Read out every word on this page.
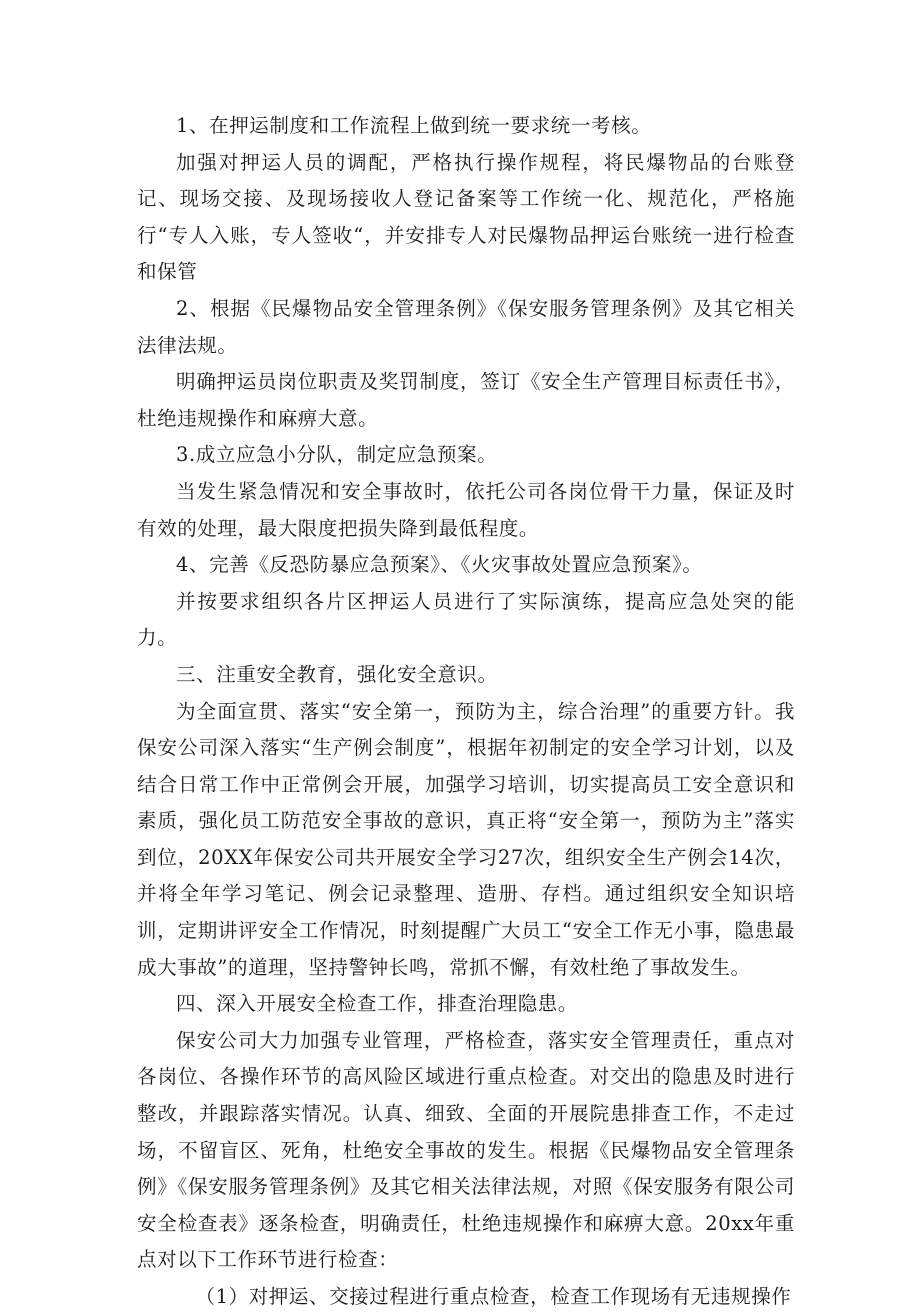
1、在押运制度和工作流程上做到统一要求统一考核。

加强对押运人员的调配，严格执行操作规程，将民爆物品的台账登记、现场交接、及现场接收人登记备案等工作统一化、规范化，严格施行“专人入账，专人签收“，并安排专人对民爆物品押运台账统一进行检查和保管

2、根据《民爆物品安全管理条例》《保安服务管理条例》及其它相关法律法规。

明确押运员岗位职责及奖罚制度，签订《安全生产管理目标责任书》，杜绝违规操作和麻痹大意。

3.成立应急小分队，制定应急预案。

当发生紧急情况和安全事故时，依托公司各岗位骨干力量，保证及时有效的处理，最大限度把损失降到最低程度。

4、完善《反恐防暴应急预案》、《火灾事故处置应急预案》。

并按要求组织各片区押运人员进行了实际演练，提高应急处突的能力。

三、注重安全教育，强化安全意识。

为全面宣贯、落实“安全第一，预防为主，综合治理”的重要方针。我保安公司深入落实“生产例会制度”，根据年初制定的安全学习计划，以及结合日常工作中正常例会开展，加强学习培训，切实提高员工安全意识和素质，强化员工防范安全事故的意识，真正将“安全第一，预防为主”落实到位，20XX年保安公司共开展安全学习27次，组织安全生产例会14次，并将全年学习笔记、例会记录整理、造册、存档。通过组织安全知识培训，定期讲评安全工作情况，时刻提醒广大员工“安全工作无小事，隐患最成大事故”的道理，坚持警钟长鸣，常抓不懈，有效杜绝了事故发生。

四、深入开展安全检查工作，排查治理隐患。

保安公司大力加强专业管理，严格检查，落实安全管理责任，重点对各岗位、各操作环节的高风险区域进行重点检查。对交出的隐患及时进行整改，并跟踪落实情况。认真、细致、全面的开展院患排查工作，不走过场，不留盲区、死角，杜绝安全事故的发生。根据《民爆物品安全管理条例》《保安服务管理条例》及其它相关法律法规，对照《保安服务有限公司安全检查表》逐条检查，明确责任，杜绝违规操作和麻痹大意。20xx年重点对以下工作环节进行检查：

（1）对押运、交接过程进行重点检查，检查工作现场有无违规操作
